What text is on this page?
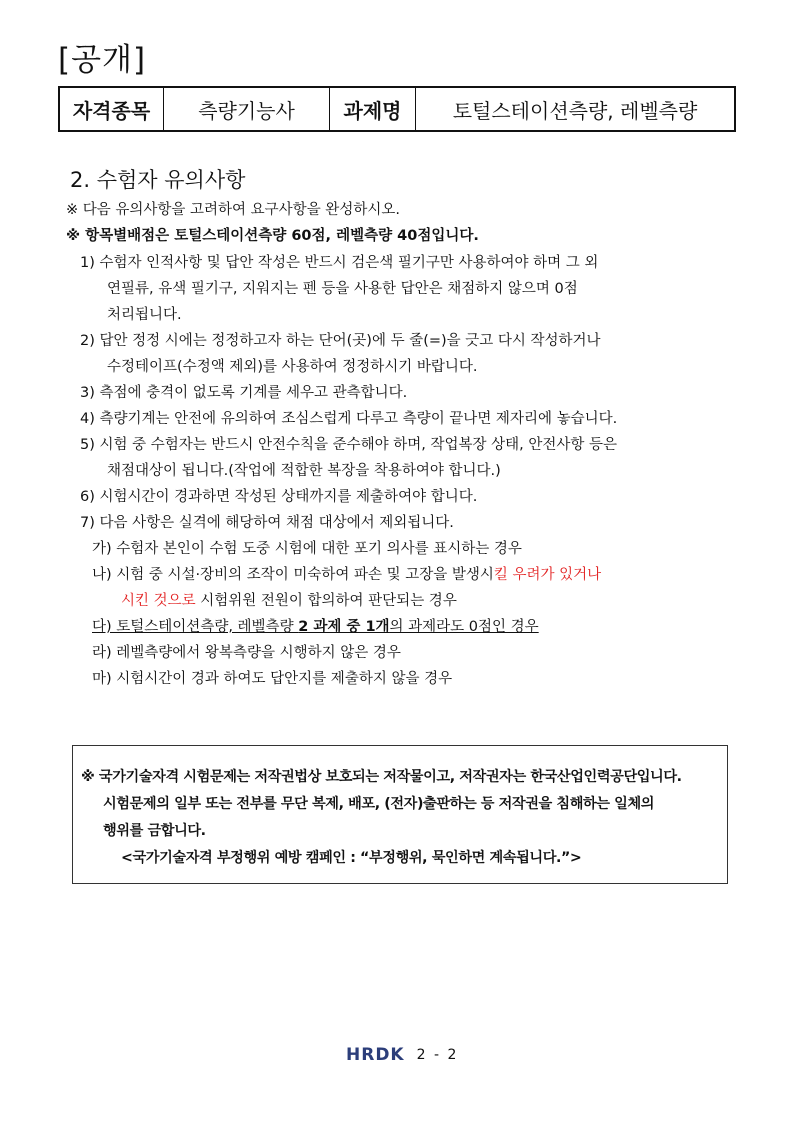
[공개]
자격종목	측량기능사	과제명	토털스테이션측량, 레벨측량
2. 수험자 유의사항
※ 다음 유의사항을 고려하여 요구사항을 완성하시오.
※ 항목별배점은 토털스테이션측량 60점, 레벨측량 40점입니다.
1) 수험자 인적사항 및 답안 작성은 반드시 검은색 필기구만 사용하여야 하며 그 외
연필류, 유색 필기구, 지워지는 펜 등을 사용한 답안은 채점하지 않으며 0점
처리됩니다.
2) 답안 정정 시에는 정정하고자 하는 단어(곳)에 두 줄(=)을 긋고 다시 작성하거나
수정테이프(수정액 제외)를 사용하여 정정하시기 바랍니다.
3) 측점에 충격이 없도록 기계를 세우고 관측합니다.
4) 측량기계는 안전에 유의하여 조심스럽게 다루고 측량이 끝나면 제자리에 놓습니다.
5) 시험 중 수험자는 반드시 안전수칙을 준수해야 하며, 작업복장 상태, 안전사항 등은
채점대상이 됩니다.(작업에 적합한 복장을 착용하여야 합니다.)
6) 시험시간이 경과하면 작성된 상태까지를 제출하여야 합니다.
7) 다음 사항은 실격에 해당하여 채점 대상에서 제외됩니다.
가) 수험자 본인이 수험 도중 시험에 대한 포기 의사를 표시하는 경우
나) 시험 중 시설·장비의 조작이 미숙하여 파손 및 고장을 발생시킬 우려가 있거나
시킨 것으로 시험위원 전원이 합의하여 판단되는 경우
다) 토털스테이션측량, 레벨측량 2 과제 중 1개의 과제라도 0점인 경우
라) 레벨측량에서 왕복측량을 시행하지 않은 경우
마) 시험시간이 경과 하여도 답안지를 제출하지 않을 경우
※ 국가기술자격 시험문제는 저작권법상 보호되는 저작물이고, 저작권자는 한국산업인력공단입니다.
시험문제의 일부 또는 전부를 무단 복제, 배포, (전자)출판하는 등 저작권을 침해하는 일체의
행위를 금합니다.
<국가기술자격 부정행위 예방 캠페인 : “부정행위, 묵인하면 계속됩니다.”>
HRDK 2 - 2
